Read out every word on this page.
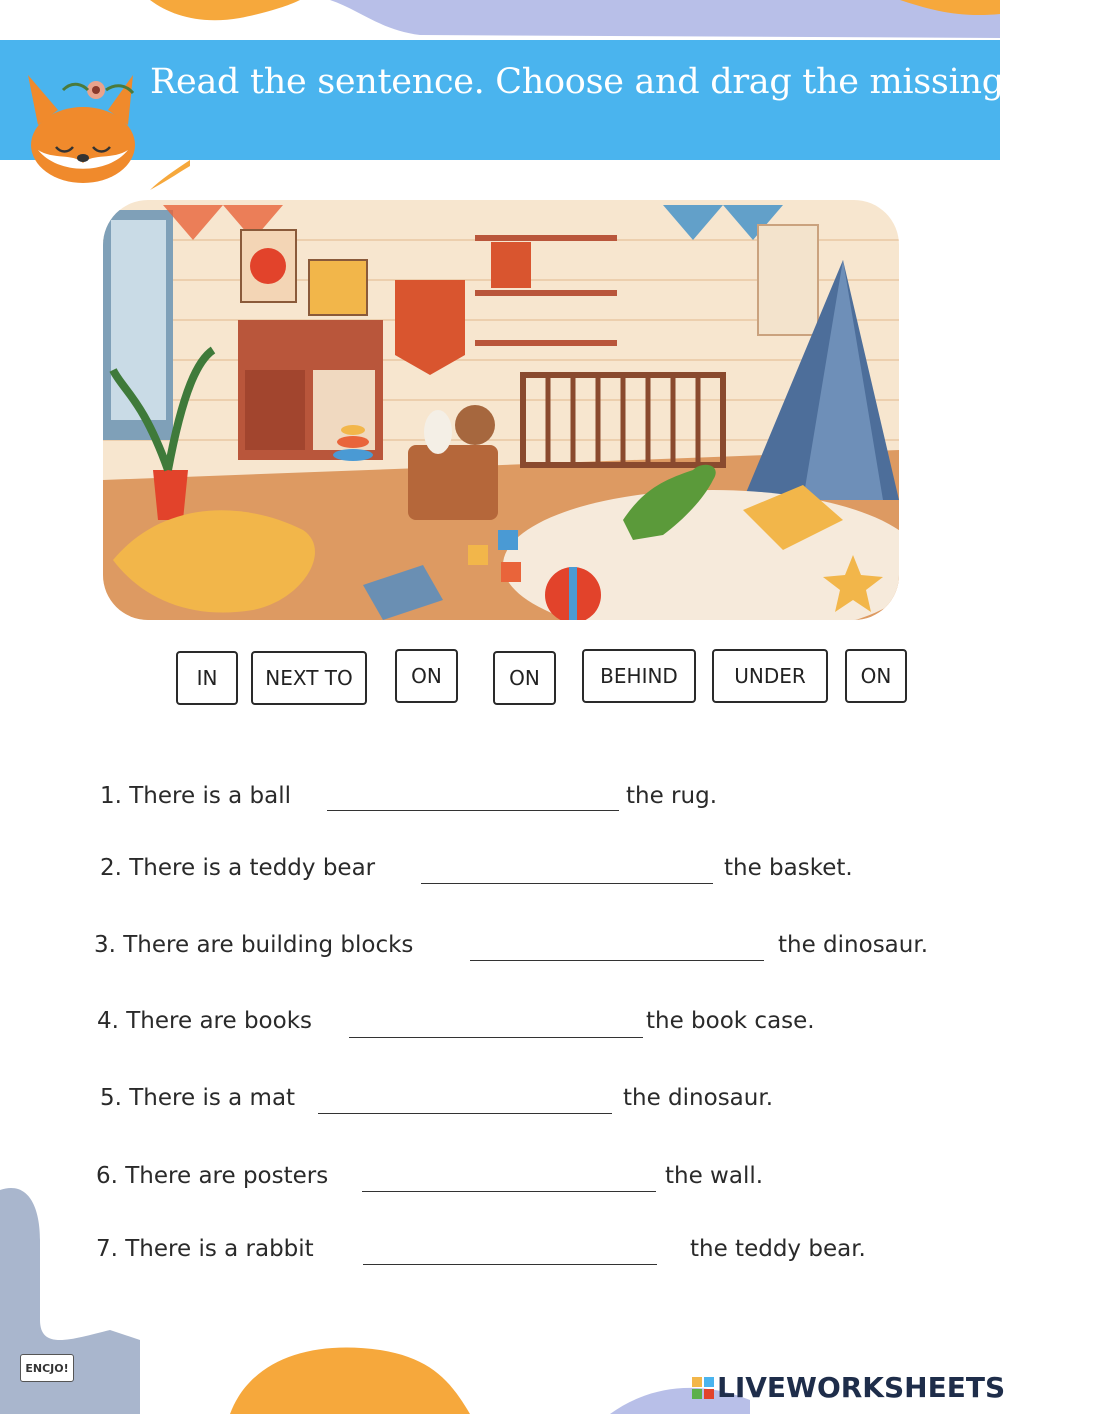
Read the sentence. Choose and drag the missing word.
IN NEXT TO	ON	ON	BEHIND	UNDER	ON
1. There is a ball	the rug.
2. There is a teddy bear	the basket.
3. There are building blocks	the dinosaur.
4. There are books	the book case.
5. There is a mat	the dinosaur.
6. There are posters	the wall.
7. There is a rabbit	the teddy bear.
ENCJO!
LIVEWORKSHEETS
